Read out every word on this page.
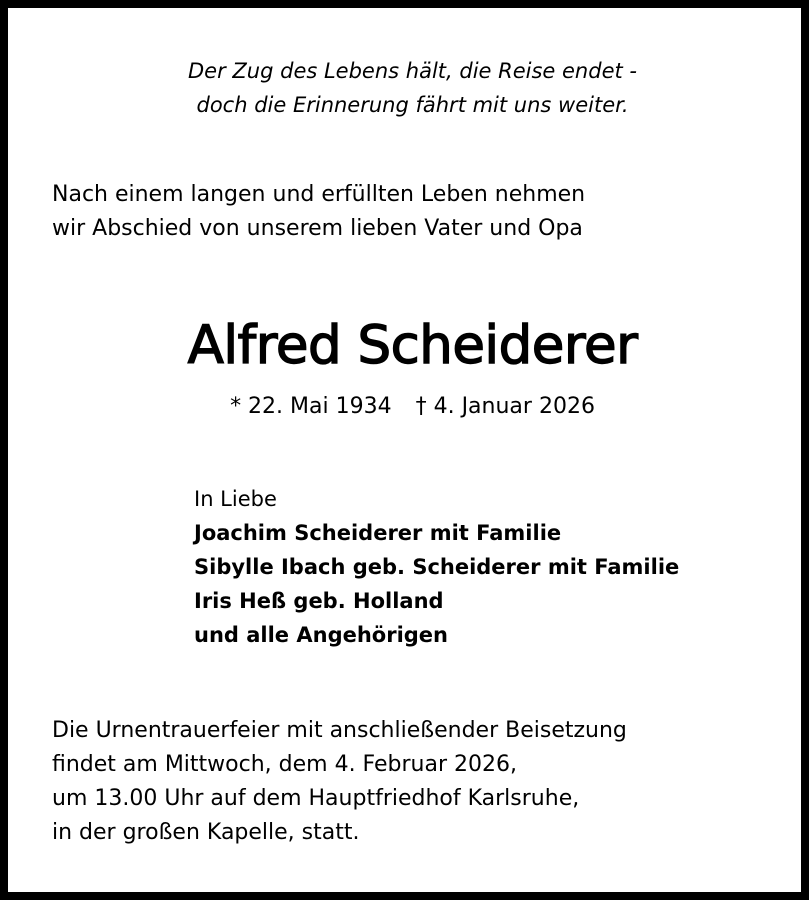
Der Zug des Lebens hält, die Reise endet -
doch die Erinnerung fährt mit uns weiter.
Nach einem langen und erfüllten Leben nehmen
wir Abschied von unserem lieben Vater und Opa
Alfred Scheiderer
* 22. Mai 1934 † 4. Januar 2026
In Liebe
Joachim Scheiderer mit Familie
Sibylle Ibach geb. Scheiderer mit Familie
Iris Heß geb. Holland
und alle Angehörigen
Die Urnentrauerfeier mit anschließender Beisetzung
findet am Mittwoch, dem 4. Februar 2026,
um 13.00 Uhr auf dem Hauptfriedhof Karlsruhe,
in der großen Kapelle, statt.
